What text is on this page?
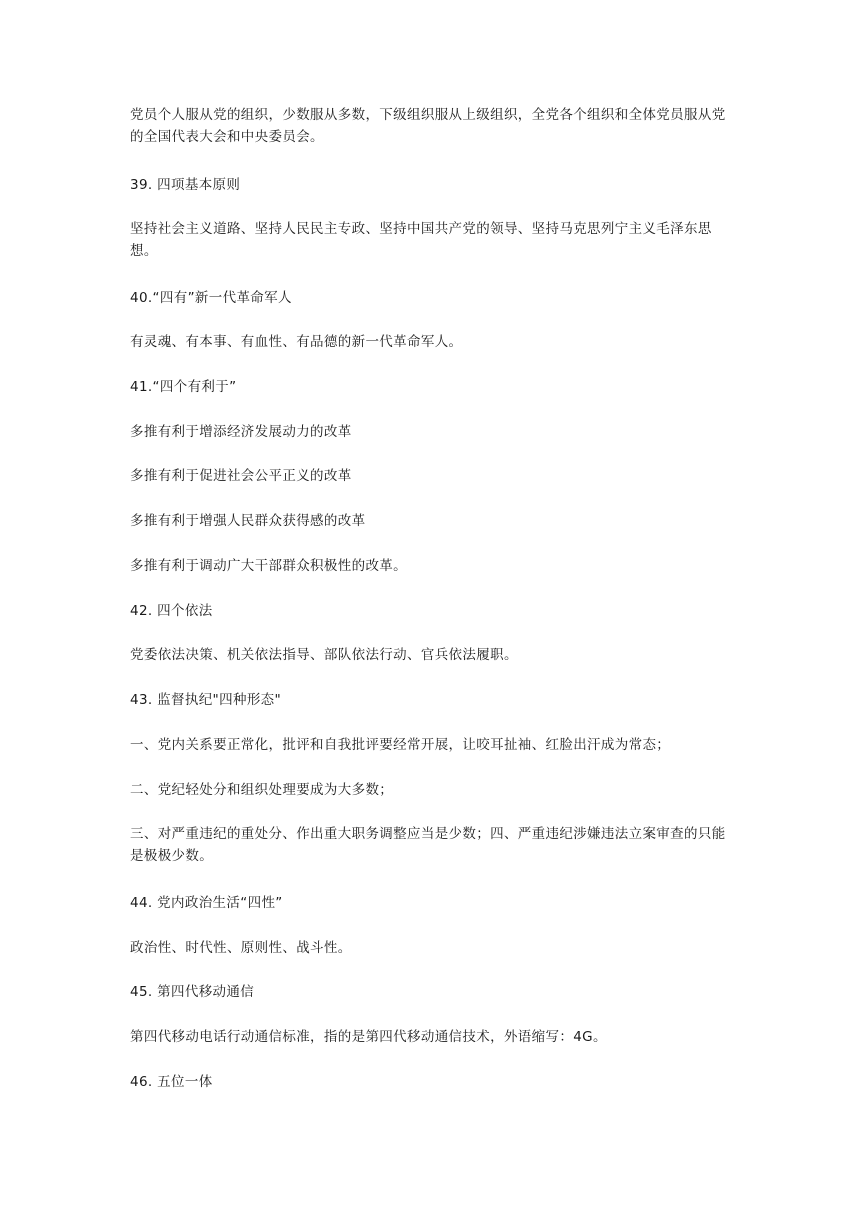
党员个人服从党的组织，少数服从多数，下级组织服从上级组织，全党各个组织和全体党员服从党的全国代表大会和中央委员会。

39. 四项基本原则

坚持社会主义道路、坚持人民民主专政、坚持中国共产党的领导、坚持马克思列宁主义毛泽东思想。

40.“四有”新一代革命军人

有灵魂、有本事、有血性、有品德的新一代革命军人。

41.“四个有利于”

多推有利于增添经济发展动力的改革

多推有利于促进社会公平正义的改革

多推有利于增强人民群众获得感的改革

多推有利于调动广大干部群众积极性的改革。

42. 四个依法

党委依法决策、机关依法指导、部队依法行动、官兵依法履职。

43. 监督执纪"四种形态"

一、党内关系要正常化，批评和自我批评要经常开展，让咬耳扯袖、红脸出汗成为常态；

二、党纪轻处分和组织处理要成为大多数；

三、对严重违纪的重处分、作出重大职务调整应当是少数；四、严重违纪涉嫌违法立案审查的只能是极极少数。

44. 党内政治生活“四性”

政治性、时代性、原则性、战斗性。

45. 第四代移动通信

第四代移动电话行动通信标准，指的是第四代移动通信技术，外语缩写：4G。

46. 五位一体
